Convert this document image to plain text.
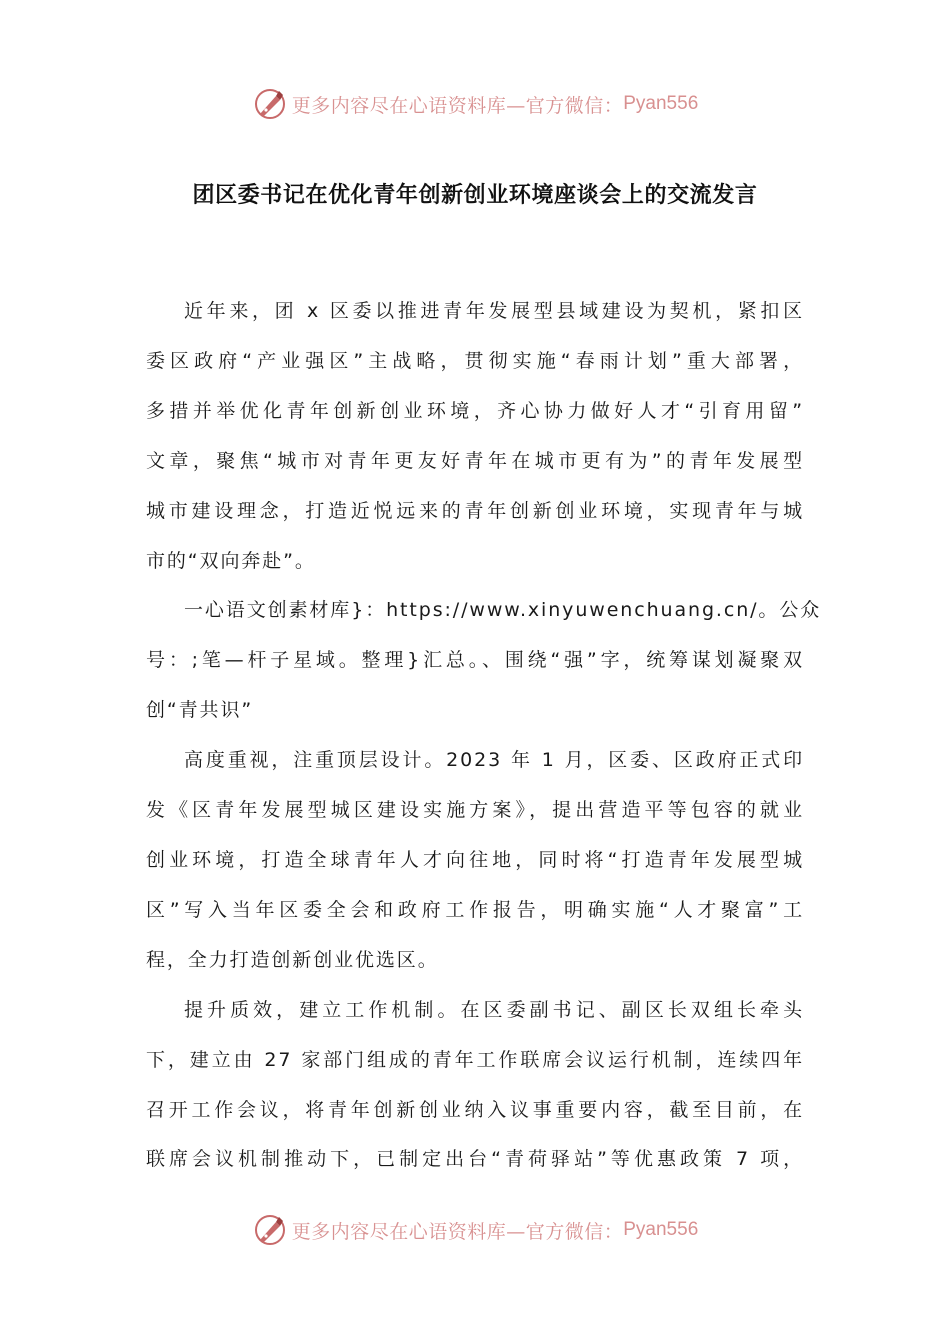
更多内容尽在心语资料库— 官方微信： Pyan556
团区委书记在优化青年创新创业环境座谈会上的交流发言

近年来，团 x 区委以推进青年发展型县域建设为契机，紧扣区
委区政府“产业强区”主战略，贯彻实施“春雨计划”重大部署，
多措并举优化青年创新创业环境，齐心协力做好人才“引育用留”
文章，聚焦“城市对青年更友好青年在城市更有为”的青年发展型
城市建设理念，打造近悦远来的青年创新创业环境，实现青年与城
市的“双向奔赴”。

一心语文创素材库}：https://www.xinyuwenchuang.cn/。公众
号：;笔—杆子星域。整理}汇总。、围绕“强”字，统筹谋划凝聚双
创“青共识”

高度重视，注重顶层设计。2023 年 1 月，区委、区政府正式印
发《区青年发展型城区建设实施方案》，提出营造平等包容的就业
创业环境，打造全球青年人才向往地，同时将“打造青年发展型城
区”写入当年区委全会和政府工作报告，明确实施“人才聚富”工
程，全力打造创新创业优选区。

提升质效，建立工作机制。在区委副书记、副区长双组长牵头
下，建立由 27 家部门组成的青年工作联席会议运行机制，连续四年
召开工作会议，将青年创新创业纳入议事重要内容，截至目前，在
联席会议机制推动下，已制定出台“青荷驿站”等优惠政策 7 项，

更多内容尽在心语资料库— 官方微信： Pyan556
